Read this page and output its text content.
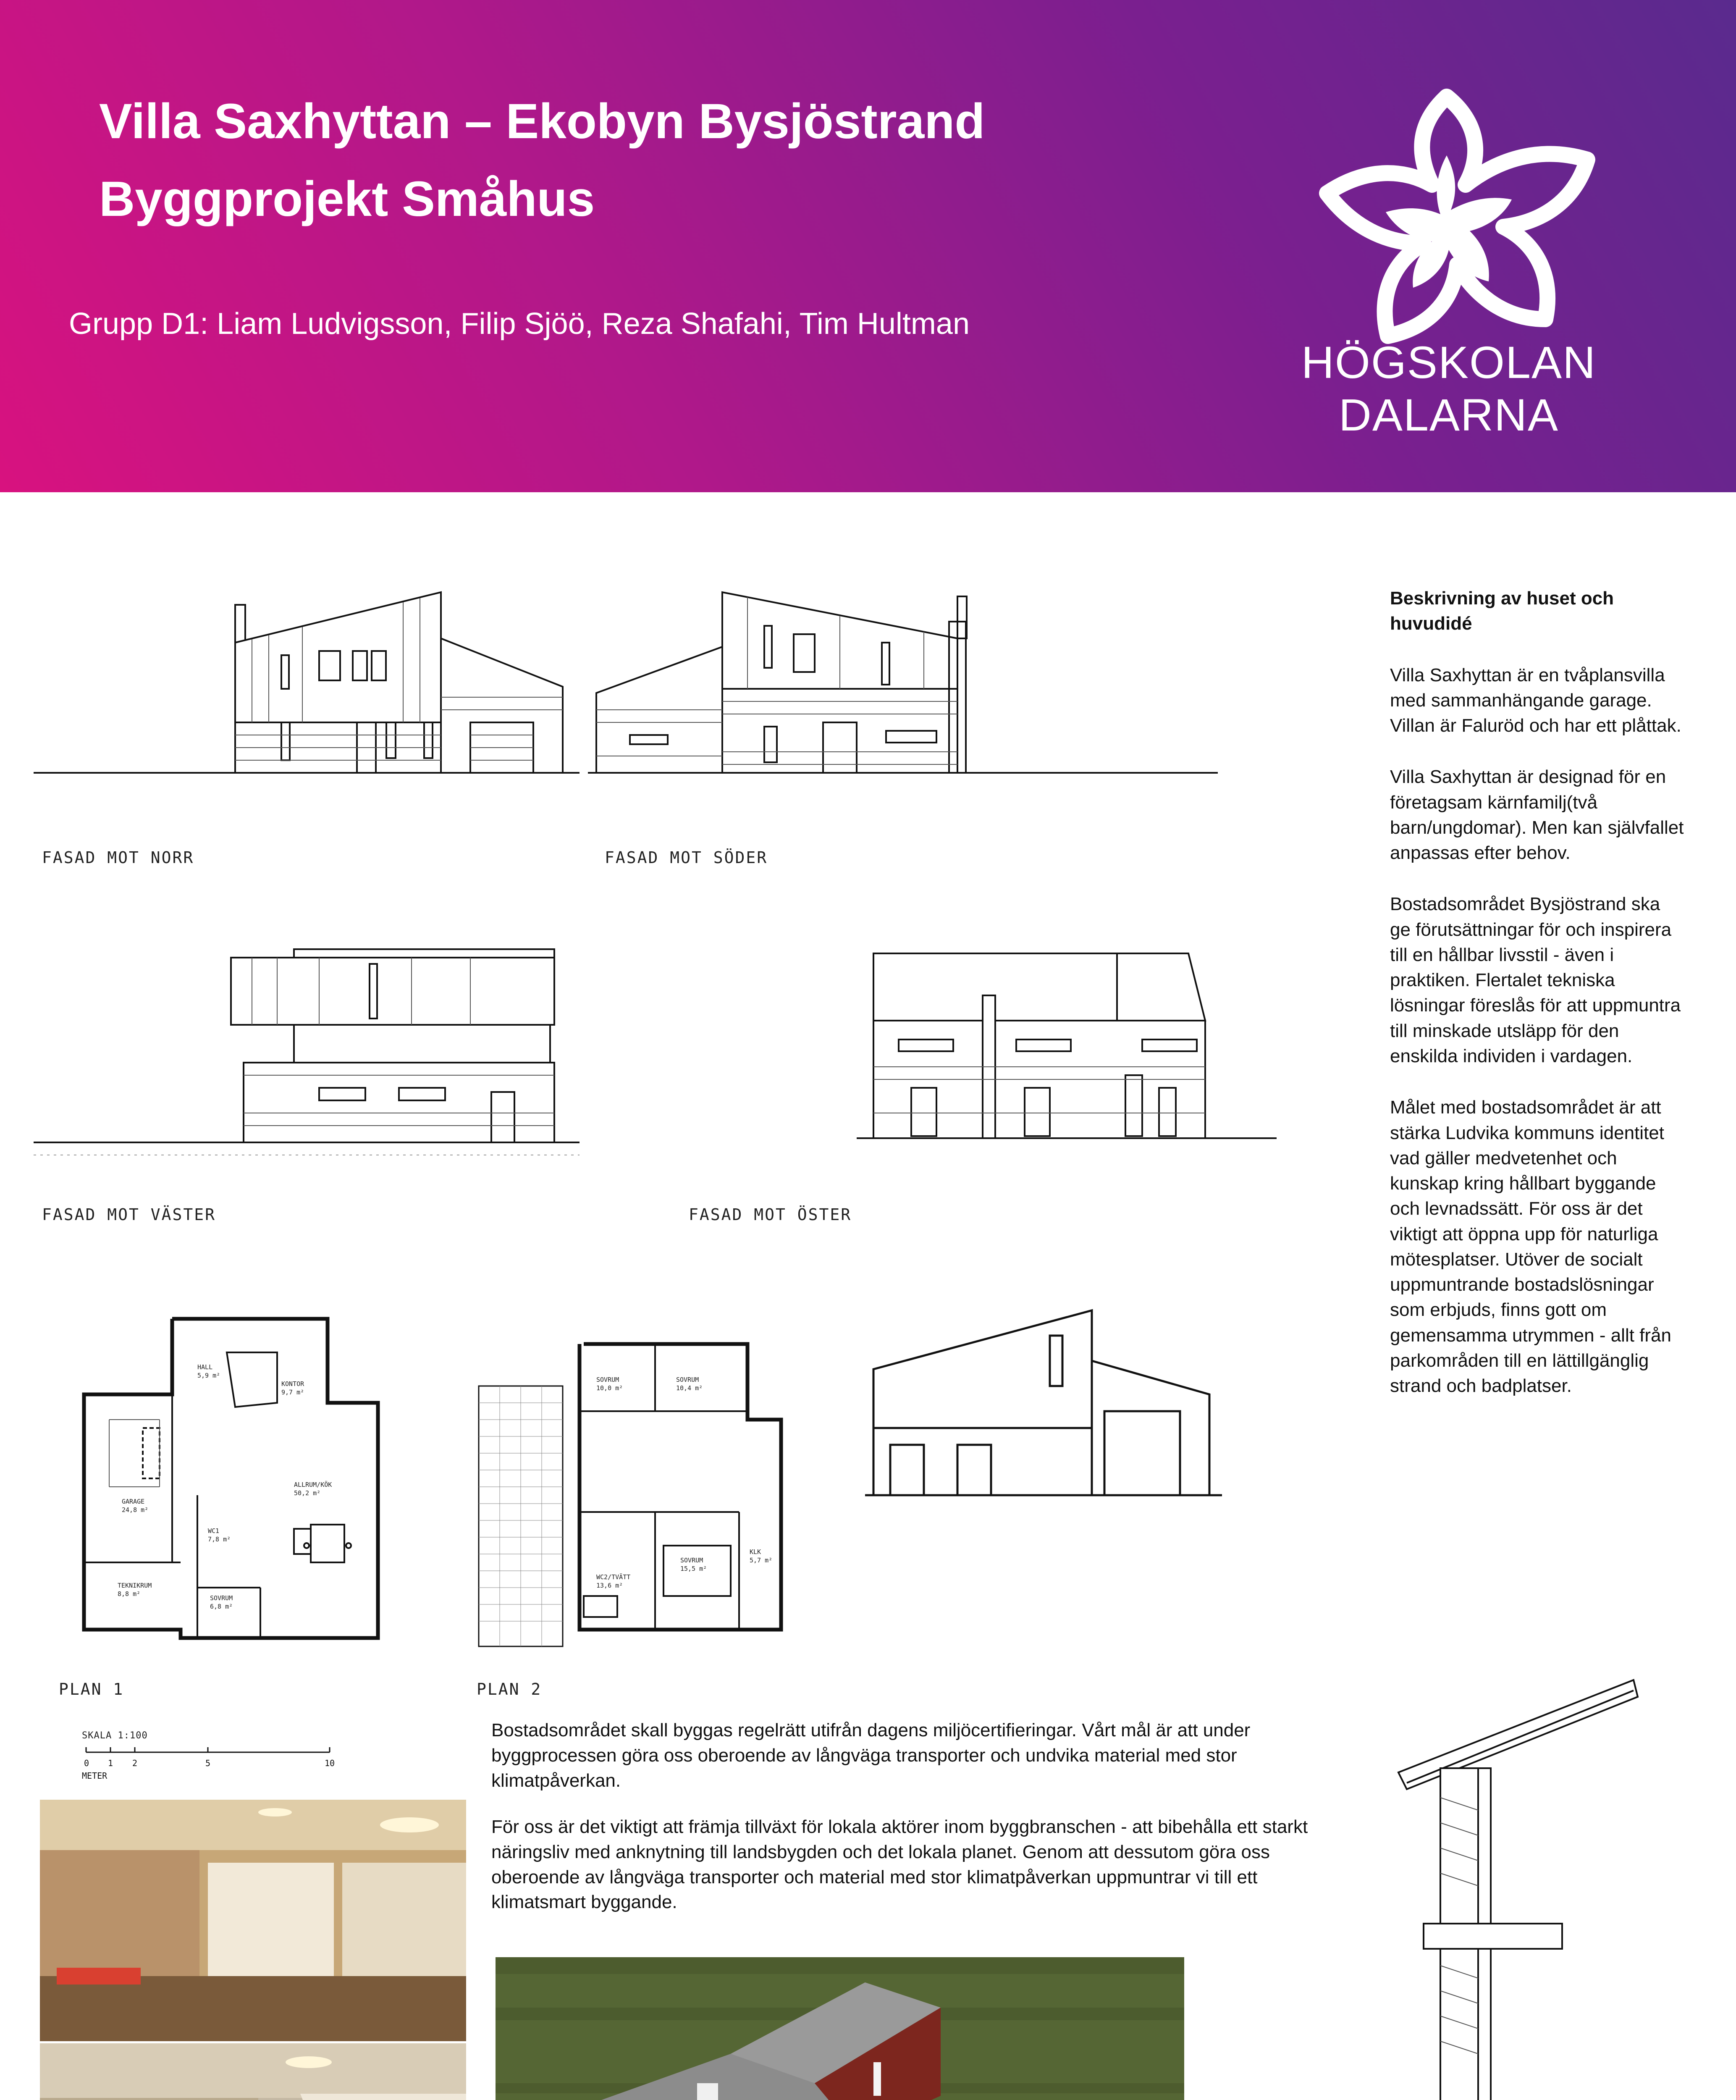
Villa Saxhyttan – Ekobyn Bysjöstrand
Byggprojekt Småhus
Grupp D1: Liam Ludvigsson, Filip Sjöö, Reza Shafahi, Tim Hultman
HÖGSKOLAN
DALARNA
FASAD MOT NORR	FASAD MOT SÖDER
FASAD MOT VÄSTER	FASAD MOT ÖSTER
HALL
5,9 m²
KONTOR
9,7 m²
ALLRUM/KÖK
50,2 m²
GARAGE
24,8 m²
WC1
7,8 m²
TEKNIKRUM
8,8 m²
SOVRUM
6,8 m²
PLAN 1
SOVRUM
10,0 m²
SOVRUM
10,4 m²
WC2/TVÄTT
13,6 m²
SOVRUM
15,5 m²
KLK
5,7 m²
PLAN 2
SKALA 1:100
0 1 2	5	10
METER
Bostadsområdet skall byggas regelrätt utifrån dagens miljöcertifieringar. Vårt mål är att under byggprocessen göra oss oberoende av långväga transporter och undvika material med stor klimatpåverkan.
För oss är det viktigt att främja tillväxt för lokala aktörer inom byggbranschen - att bibehålla ett starkt näringsliv med anknytning till landsbygden och det lokala planet. Genom att dessutom göra oss oberoende av långväga transporter och material med stor klimatpåverkan uppmuntrar vi till ett klimatsmart byggande.
Beskrivning av huset och huvudidé

Villa Saxhyttan är en tvåplansvilla med sammanhängande garage. Villan är Faluröd och har ett plåttak.

Villa Saxhyttan är designad för en företagsam kärnfamilj(två barn/ungdomar). Men kan självfallet anpassas efter behov.

Bostadsområdet Bysjöstrand ska ge förutsättningar för och inspirera till en hållbar livsstil - även i praktiken. Flertalet tekniska lösningar föreslås för att uppmuntra till minskade utsläpp för den enskilda individen i vardagen.

Målet med bostadsområdet är att stärka Ludvika kommuns identitet vad gäller medvetenhet och kunskap kring hållbart byggande och levnadssätt. För oss är det viktigt att öppna upp för naturliga mötesplatser. Utöver de socialt uppmuntrande bostadslösningar som erbjuds, finns gott om gemensamma utrymmen - allt från parkområden till en lättillgänglig strand och badplatser.
